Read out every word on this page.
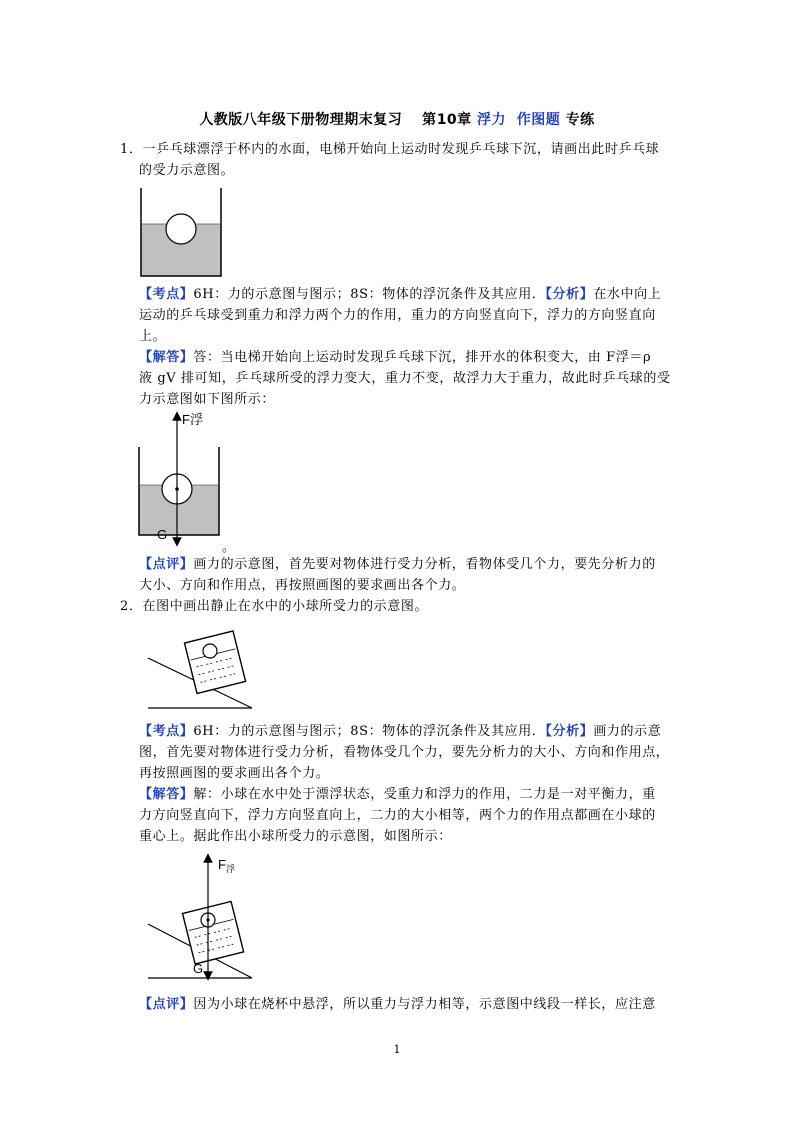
人教版八年级下册物理期末复习　 第10章 浮力 作图题 专练
1．一乒乓球漂浮于杯内的水面，电梯开始向上运动时发现乒乓球下沉，请画出此时乒乓球
的受力示意图。
【考点】6H：力的示意图与图示；8S：物体的浮沉条件及其应用．【分析】在水中向上
运动的乒乓球受到重力和浮力两个力的作用，重力的方向竖直向下，浮力的方向竖直向
上。
【解答】答：当电梯开始向上运动时发现乒乓球下沉，排开水的体积变大，由 F浮＝ρ
液 gV 排可知，乒乓球所受的浮力变大，重力不变，故浮力大于重力，故此时乒乓球的受
力示意图如下图所示：
F浮
G
。
【点评】画力的示意图，首先要对物体进行受力分析，看物体受几个力，要先分析力的
大小、方向和作用点，再按照画图的要求画出各个力。
2．在图中画出静止在水中的小球所受力的示意图。
【考点】6H：力的示意图与图示；8S：物体的浮沉条件及其应用．【分析】画力的示意
图，首先要对物体进行受力分析，看物体受几个力，要先分析力的大小、方向和作用点，
再按照画图的要求画出各个力。
【解答】解：小球在水中处于漂浮状态，受重力和浮力的作用，二力是一对平衡力，重
力方向竖直向下，浮力方向竖直向上，二力的大小相等，两个力的作用点都画在小球的
重心上。据此作出小球所受力的示意图，如图所示：
$F_浮$
G
【点评】因为小球在烧杯中悬浮，所以重力与浮力相等，示意图中线段一样长，应注意
1
